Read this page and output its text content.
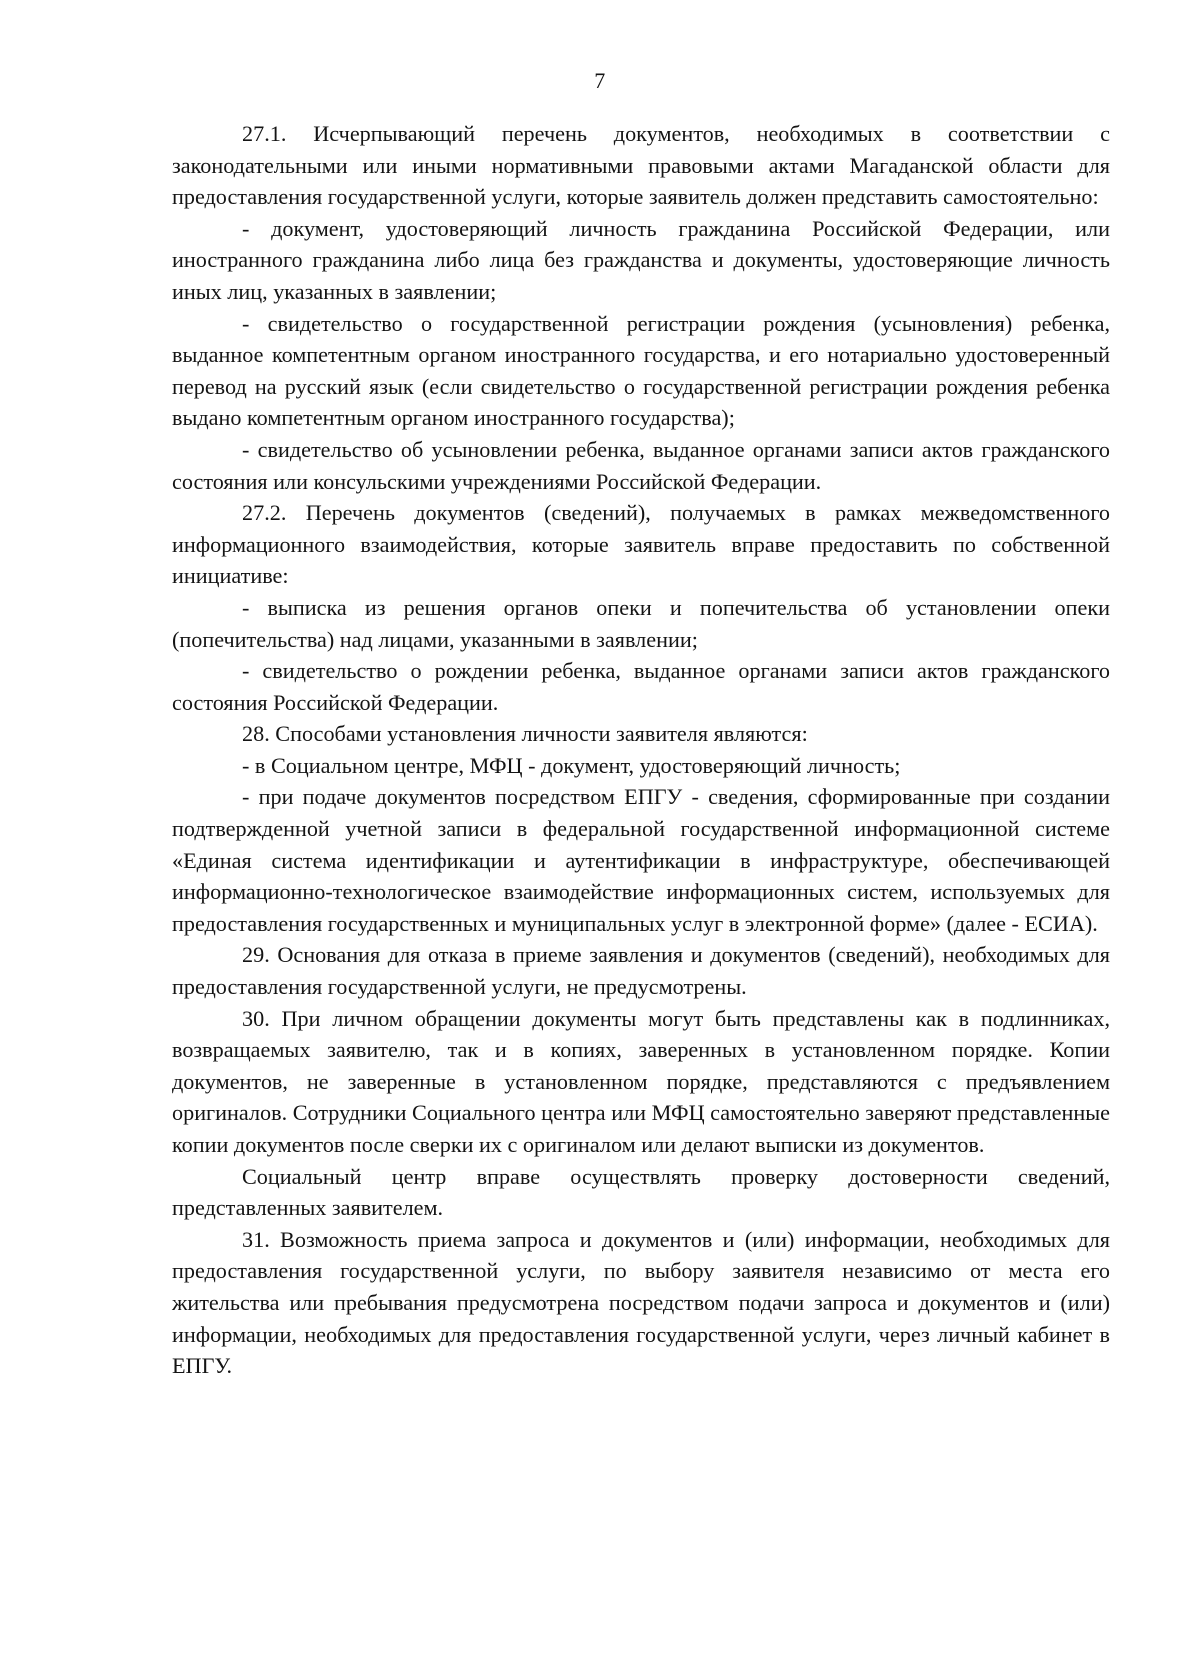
7

27.1. Исчерпывающий перечень документов, необходимых в соответствии с законодательными или иными нормативными правовыми актами Магаданской области для предоставления государственной услуги, которые заявитель должен представить самостоятельно:

- документ, удостоверяющий личность гражданина Российской Федерации, или иностранного гражданина либо лица без гражданства и документы, удостоверяющие личность иных лиц, указанных в заявлении;

- свидетельство о государственной регистрации рождения (усыновления) ребенка, выданное компетентным органом иностранного государства, и его нотариально удостоверенный перевод на русский язык (если свидетельство о государственной регистрации рождения ребенка выдано компетентным органом иностранного государства);

- свидетельство об усыновлении ребенка, выданное органами записи актов гражданского состояния или консульскими учреждениями Российской Федерации.

27.2. Перечень документов (сведений), получаемых в рамках межведомственного информационного взаимодействия, которые заявитель вправе предоставить по собственной инициативе:

- выписка из решения органов опеки и попечительства об установлении опеки (попечительства) над лицами, указанными в заявлении;

- свидетельство о рождении ребенка, выданное органами записи актов гражданского состояния Российской Федерации.

28. Способами установления личности заявителя являются:

- в Социальном центре, МФЦ - документ, удостоверяющий личность;

- при подаче документов посредством ЕПГУ - сведения, сформированные при создании подтвержденной учетной записи в федеральной государственной информационной системе «Единая система идентификации и аутентификации в инфраструктуре, обеспечивающей информационно-технологическое взаимодействие информационных систем, используемых для предоставления государственных и муниципальных услуг в электронной форме» (далее - ЕСИА).

29. Основания для отказа в приеме заявления и документов (сведений), необходимых для предоставления государственной услуги, не предусмотрены.

30. При личном обращении документы могут быть представлены как в подлинниках, возвращаемых заявителю, так и в копиях, заверенных в установленном порядке. Копии документов, не заверенные в установленном порядке, представляются с предъявлением оригиналов. Сотрудники Социального центра или МФЦ самостоятельно заверяют представленные копии документов после сверки их с оригиналом или делают выписки из документов.

Социальный центр вправе осуществлять проверку достоверности сведений, представленных заявителем.

31. Возможность приема запроса и документов и (или) информации, необходимых для предоставления государственной услуги, по выбору заявителя независимо от места его жительства или пребывания предусмотрена посредством подачи запроса и документов и (или) информации, необходимых для предоставления государственной услуги, через личный кабинет в ЕПГУ.
